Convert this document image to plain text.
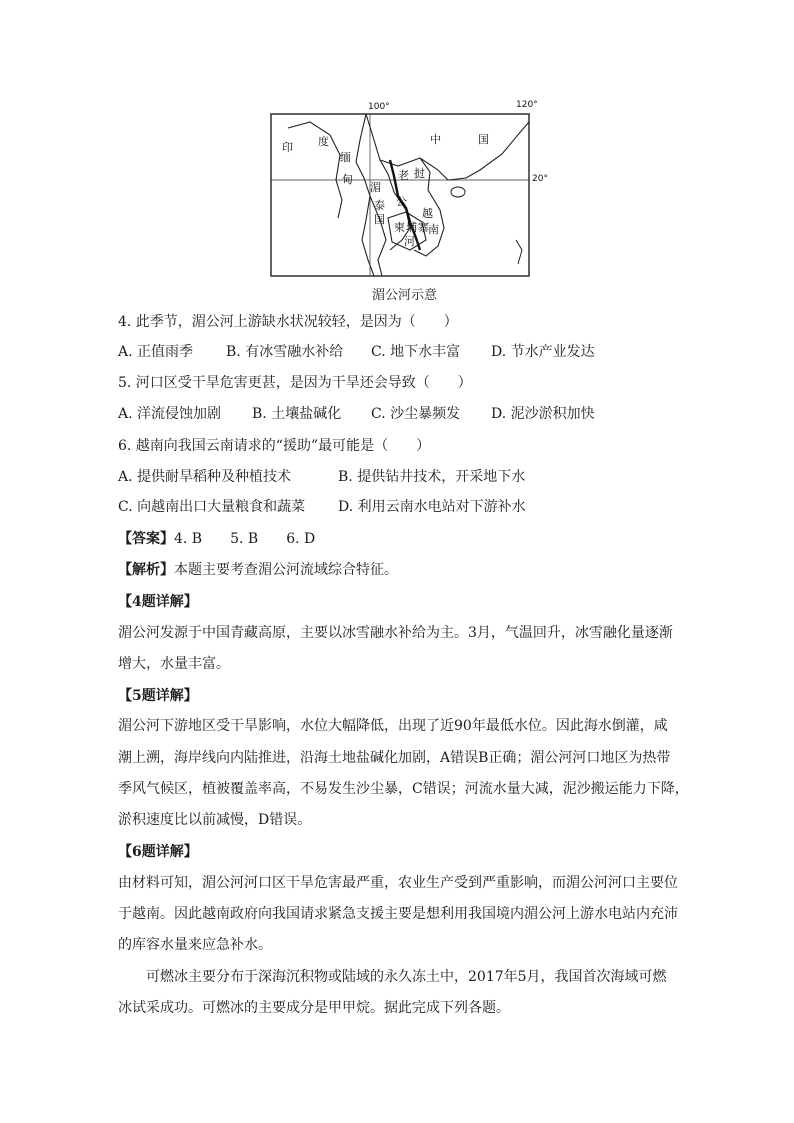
100°	120°
20°
印 度
缅
甸
中	国
湄
公
老 挝
泰
国
柬 埔 寨
越
南
河
湄公河示意
4. 此季节，湄公河上游缺水状况较轻，是因为（　　）
A. 正值雨季 B. 有冰雪融水补给 C. 地下水丰富 D. 节水产业发达
5. 河口区受干旱危害更甚，是因为干旱还会导致（　　）
A. 洋流侵蚀加剧 B. 土壤盐碱化 C. 沙尘暴频发 D. 泥沙淤积加快
6. 越南向我国云南请求的“援助”最可能是（　　）
A. 提供耐旱稻种及种植技术	B. 提供钻井技术，开采地下水
C. 向越南出口大量粮食和蔬菜 D. 利用云南水电站对下游补水
【答案】4. B　　5. B　　6. D
【解析】本题主要考查湄公河流域综合特征。
【4题详解】
湄公河发源于中国青藏高原，主要以冰雪融水补给为主。3月，气温回升，冰雪融化量逐渐
增大，水量丰富。
【5题详解】
湄公河下游地区受干旱影响，水位大幅降低，出现了近90年最低水位。因此海水倒灌，咸
潮上溯，海岸线向内陆推进，沿海土地盐碱化加剧，A错误B正确；湄公河河口地区为热带
季风气候区，植被覆盖率高，不易发生沙尘暴，C错误；河流水量大减，泥沙搬运能力下降，
淤积速度比以前减慢，D错误。
【6题详解】
由材料可知，湄公河河口区干旱危害最严重，农业生产受到严重影响，而湄公河河口主要位
于越南。因此越南政府向我国请求紧急支援主要是想利用我国境内湄公河上游水电站内充沛
的库容水量来应急补水。
　　可燃冰主要分布于深海沉积物或陆域的永久冻土中，2017年5月，我国首次海域可燃
冰试采成功。可燃冰的主要成分是甲甲烷。据此完成下列各题。
